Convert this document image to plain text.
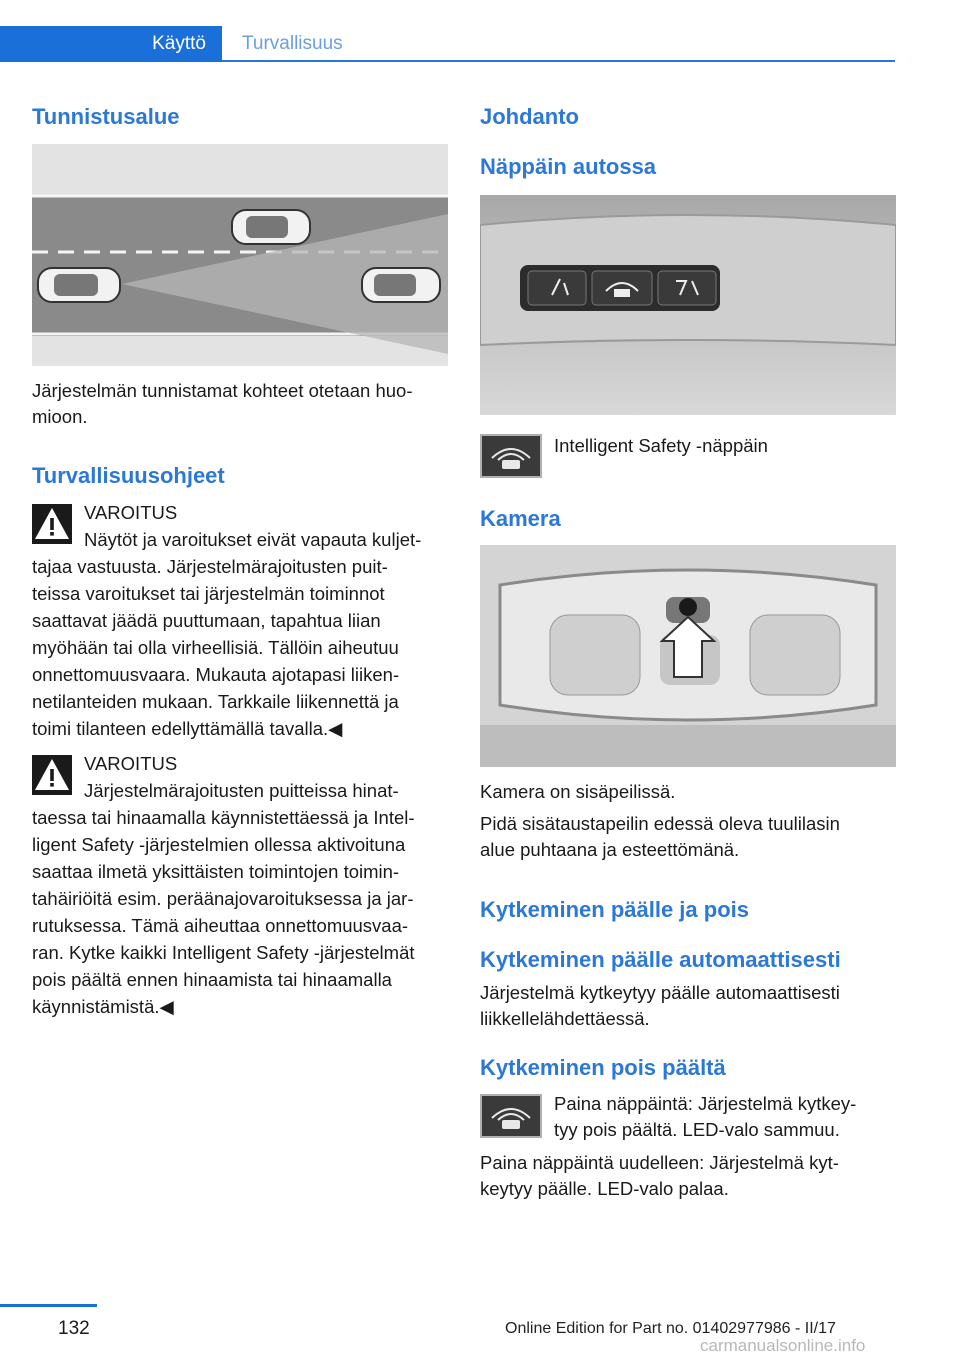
Käyttö	Turvallisuus
Tunnistusalue

Järjestelmän tunnistamat kohteet otetaan huo-
mioon.

Turvallisuusohjeet

VAROITUS

Näytöt ja varoitukset eivät vapauta kuljet-

tajaa vastuusta. Järjestelmärajoitusten puit-

teissa varoitukset tai järjestelmän toiminnot

saattavat jäädä puuttumaan, tapahtua liian

myöhään tai olla virheellisiä. Tällöin aiheutuu

onnettomuusvaara. Mukauta ajotapasi liiken-

netilanteiden mukaan. Tarkkaile liikennettä ja

toimi tilanteen edellyttämällä tavalla.◀

VAROITUS

Järjestelmärajoitusten puitteissa hinat-

taessa tai hinaamalla käynnistettäessä ja Intel-

ligent Safety -järjestelmien ollessa aktivoituna

saattaa ilmetä yksittäisten toimintojen toimin-

tahäiriöitä esim. peräänajovaroituksessa ja jar-

rutuksessa. Tämä aiheuttaa onnettomuusvaa-

ran. Kytke kaikki Intelligent Safety -järjestelmät

pois päältä ennen hinaamista tai hinaamalla

käynnistämistä.◀

Johdanto
Näppäin autossa

Intelligent Safety -näppäin

Kamera

Kamera on sisäpeilissä.

Pidä sisätaustapeilin edessä oleva tuulilasin

alue puhtaana ja esteettömänä.

Kytkeminen päälle ja pois
Kytkeminen päälle automaattisesti

Järjestelmä kytkeytyy päälle automaattisesti

liikkellelähdettäessä.

Kytkeminen pois päältä

Paina näppäintä: Järjestelmä kytkey-

tyy pois päältä. LED-valo sammuu.

Paina näppäintä uudelleen: Järjestelmä kyt-

keytyy päälle. LED-valo palaa.

132	Online Edition for Part no. 01402977986 - II/17
carmanualsonline.info
